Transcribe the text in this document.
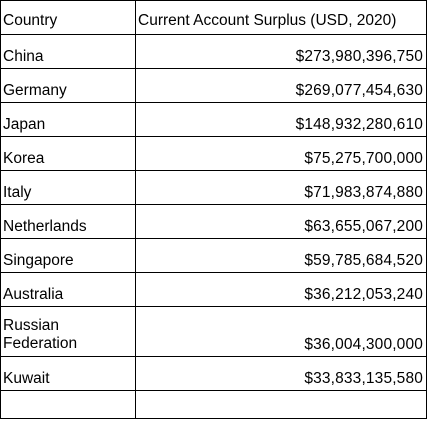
Country	Current Account Surplus (USD, 2020)
China	$273,980,396,750
Germany	$269,077,454,630
Japan	$148,932,280,610
Korea	$75,275,700,000
Italy	$71,983,874,880
Netherlands	$63,655,067,200
Singapore	$59,785,684,520
Australia	$36,212,053,240
Russian Federation	$36,004,300,000
Kuwait	$33,833,135,580
